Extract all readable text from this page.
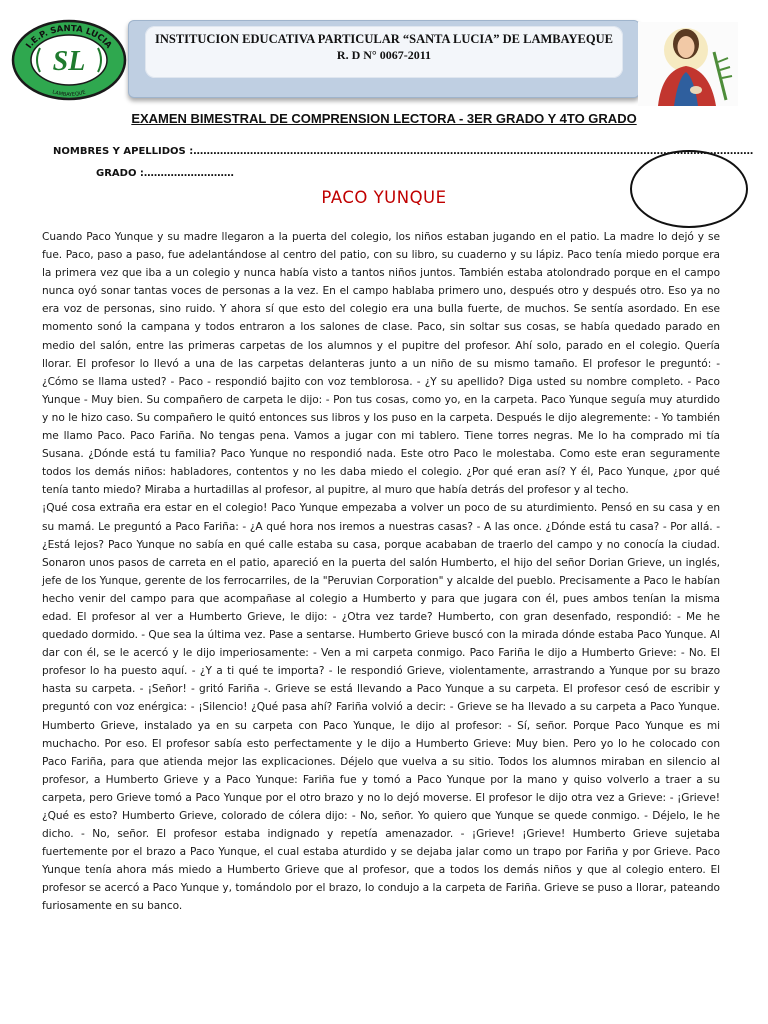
I.E.P. SANTA LUCIA
LAMBAYEQUE
SL
INSTITUCION EDUCATIVA PARTICULAR “SANTA LUCIA” DE LAMBAYEQUE
R. D N° 0067-2011
EXAMEN BIMESTRAL DE COMPRENSION LECTORA - 3ER GRADO Y 4TO GRADO
NOMBRES Y APELLIDOS :……………………………………………………………………………………………………………………………………………………
GRADO :………………………
PACO YUNQUE

Cuando Paco Yunque y su madre llegaron a la puerta del colegio, los niños estaban jugando en el patio. La madre lo dejó y se fue. Paco, paso a paso, fue adelantándose al centro del patio, con su libro, su cuaderno y su lápiz. Paco tenía miedo porque era la primera vez que iba a un colegio y nunca había visto a tantos niños juntos. También estaba atolondrado porque en el campo nunca oyó sonar tantas voces de personas a la vez. En el campo hablaba primero uno, después otro y después otro. Eso ya no era voz de personas, sino ruido. Y ahora sí que esto del colegio era una bulla fuerte, de muchos. Se sentía asordado. En ese momento sonó la campana y todos entraron a los salones de clase. Paco, sin soltar sus cosas, se había quedado parado en medio del salón, entre las primeras carpetas de los alumnos y el pupitre del profesor. Ahí solo, parado en el colegio. Quería llorar. El profesor lo llevó a una de las carpetas delanteras junto a un niño de su mismo tamaño. El profesor le preguntó: - ¿Cómo se llama usted? - Paco - respondió bajito con voz temblorosa. - ¿Y su apellido? Diga usted su nombre completo. - Paco Yunque - Muy bien. Su compañero de carpeta le dijo: - Pon tus cosas, como yo, en la carpeta. Paco Yunque seguía muy aturdido y no le hizo caso. Su compañero le quitó entonces sus libros y los puso en la carpeta. Después le dijo alegremente: - Yo también me llamo Paco. Paco Fariña. No tengas pena. Vamos a jugar con mi tablero. Tiene torres negras. Me lo ha comprado mi tía Susana. ¿Dónde está tu familia? Paco Yunque no respondió nada. Este otro Paco le molestaba. Como este eran seguramente todos los demás niños: habladores, contentos y no les daba miedo el colegio. ¿Por qué eran así? Y él, Paco Yunque, ¿por qué tenía tanto miedo? Miraba a hurtadillas al profesor, al pupitre, al muro que había detrás del profesor y al techo.

¡Qué cosa extraña era estar en el colegio! Paco Yunque empezaba a volver un poco de su aturdimiento. Pensó en su casa y en su mamá. Le preguntó a Paco Fariña: - ¿A qué hora nos iremos a nuestras casas? - A las once. ¿Dónde está tu casa? - Por allá. - ¿Está lejos? Paco Yunque no sabía en qué calle estaba su casa, porque acababan de traerlo del campo y no conocía la ciudad. Sonaron unos pasos de carreta en el patio, apareció en la puerta del salón Humberto, el hijo del señor Dorian Grieve, un inglés, jefe de los Yunque, gerente de los ferrocarriles, de la "Peruvian Corporation" y alcalde del pueblo. Precisamente a Paco le habían hecho venir del campo para que acompañase al colegio a Humberto y para que jugara con él, pues ambos tenían la misma edad. El profesor al ver a Humberto Grieve, le dijo: - ¿Otra vez tarde? Humberto, con gran desenfado, respondió: - Me he quedado dormido. - Que sea la última vez. Pase a sentarse. Humberto Grieve buscó con la mirada dónde estaba Paco Yunque. Al dar con él, se le acercó y le dijo imperiosamente: - Ven a mi carpeta conmigo. Paco Fariña le dijo a Humberto Grieve: - No. El profesor lo ha puesto aquí. - ¿Y a ti qué te importa? - le respondió Grieve, violentamente, arrastrando a Yunque por su brazo hasta su carpeta. - ¡Señor! - gritó Fariña -. Grieve se está llevando a Paco Yunque a su carpeta. El profesor cesó de escribir y preguntó con voz enérgica: - ¡Silencio! ¿Qué pasa ahí? Fariña volvió a decir: - Grieve se ha llevado a su carpeta a Paco Yunque. Humberto Grieve, instalado ya en su carpeta con Paco Yunque, le dijo al profesor: - Sí, señor. Porque Paco Yunque es mi muchacho. Por eso. El profesor sabía esto perfectamente y le dijo a Humberto Grieve: Muy bien. Pero yo lo he colocado con Paco Fariña, para que atienda mejor las explicaciones. Déjelo que vuelva a su sitio. Todos los alumnos miraban en silencio al profesor, a Humberto Grieve y a Paco Yunque: Fariña fue y tomó a Paco Yunque por la mano y quiso volverlo a traer a su carpeta, pero Grieve tomó a Paco Yunque por el otro brazo y no lo dejó moverse. El profesor le dijo otra vez a Grieve: - ¡Grieve! ¿Qué es esto? Humberto Grieve, colorado de cólera dijo: - No, señor. Yo quiero que Yunque se quede conmigo. - Déjelo, le he dicho. - No, señor. El profesor estaba indignado y repetía amenazador. - ¡Grieve! ¡Grieve! Humberto Grieve sujetaba fuertemente por el brazo a Paco Yunque, el cual estaba aturdido y se dejaba jalar como un trapo por Fariña y por Grieve. Paco Yunque tenía ahora más miedo a Humberto Grieve que al profesor, que a todos los demás niños y que al colegio entero. El profesor se acercó a Paco Yunque y, tomándolo por el brazo, lo condujo a la carpeta de Fariña. Grieve se puso a llorar, pateando furiosamente en su banco.
